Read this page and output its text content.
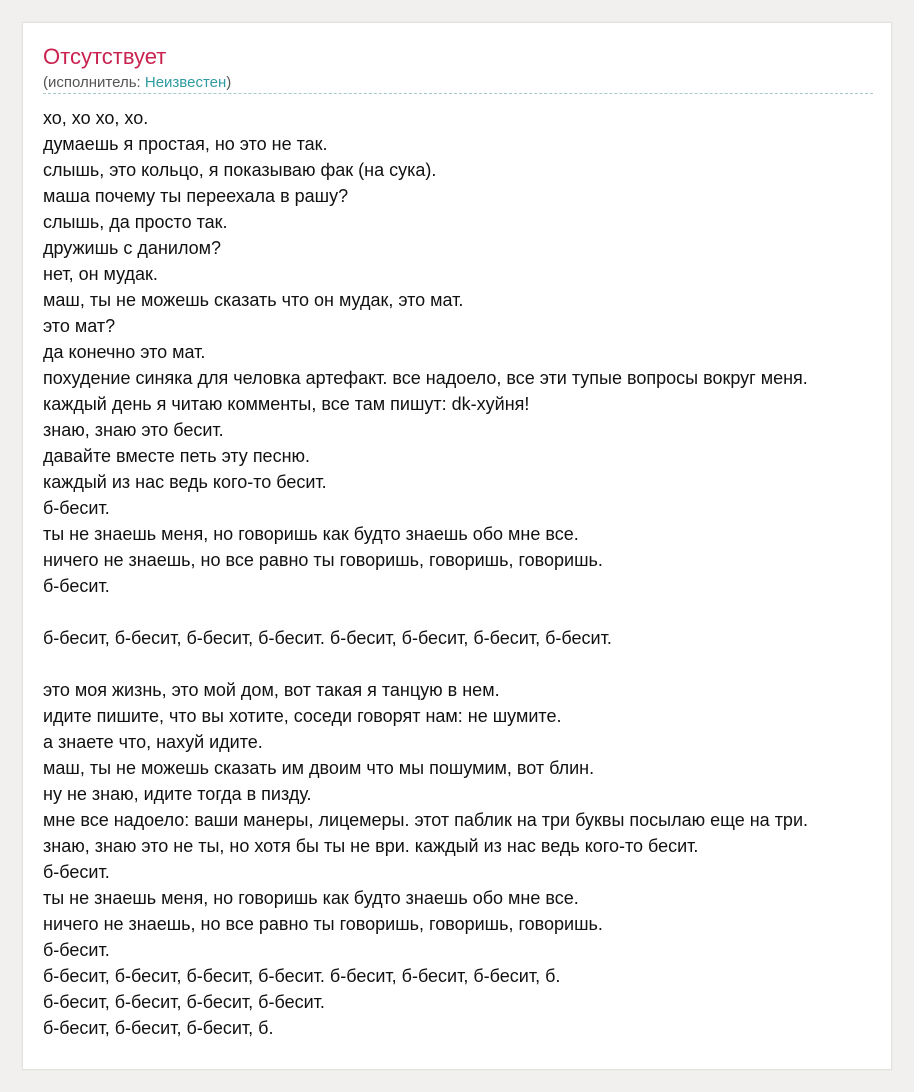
Отсутствует
(исполнитель: Неизвестен)
хо, хо хо, хо.
думаешь я простая, но это не так.
слышь, это кольцо, я показываю фак (на сука).
маша почему ты переехала в рашу?
слышь, да просто так.
дружишь с данилом?
нет, он мудак.
маш, ты не можешь сказать что он мудак, это мат.
это мат?
да конечно это мат.
похудение синяка для человка артефакт. все надоело, все эти тупые вопросы вокруг меня.
каждый день я читаю комменты, все там пишут: dk-хуйня!
знаю, знаю это бесит.
давайте вместе петь эту песню.
каждый из нас ведь кого-то бесит.
б-бесит.
ты не знаешь меня, но говоришь как будто знаешь обо мне все.
ничего не знаешь, но все равно ты говоришь, говоришь, говоришь.
б-бесит.
б-бесит, б-бесит, б-бесит, б-бесит. б-бесит, б-бесит, б-бесит, б-бесит.
это моя жизнь, это мой дом, вот такая я танцую в нем.
идите пишите, что вы хотите, соседи говорят нам: не шумите.
а знаете что, нахуй идите.
маш, ты не можешь сказать им двоим что мы пошумим, вот блин.
ну не знаю, идите тогда в пизду.
мне все надоело: ваши манеры, лицемеры. этот паблик на три буквы посылаю еще на три.
знаю, знаю это не ты, но хотя бы ты не ври. каждый из нас ведь кого-то бесит.
б-бесит.
ты не знаешь меня, но говоришь как будто знаешь обо мне все.
ничего не знаешь, но все равно ты говоришь, говоришь, говоришь.
б-бесит.
б-бесит, б-бесит, б-бесит, б-бесит. б-бесит, б-бесит, б-бесит, б.
б-бесит, б-бесит, б-бесит, б-бесит.
б-бесит, б-бесит, б-бесит, б.
